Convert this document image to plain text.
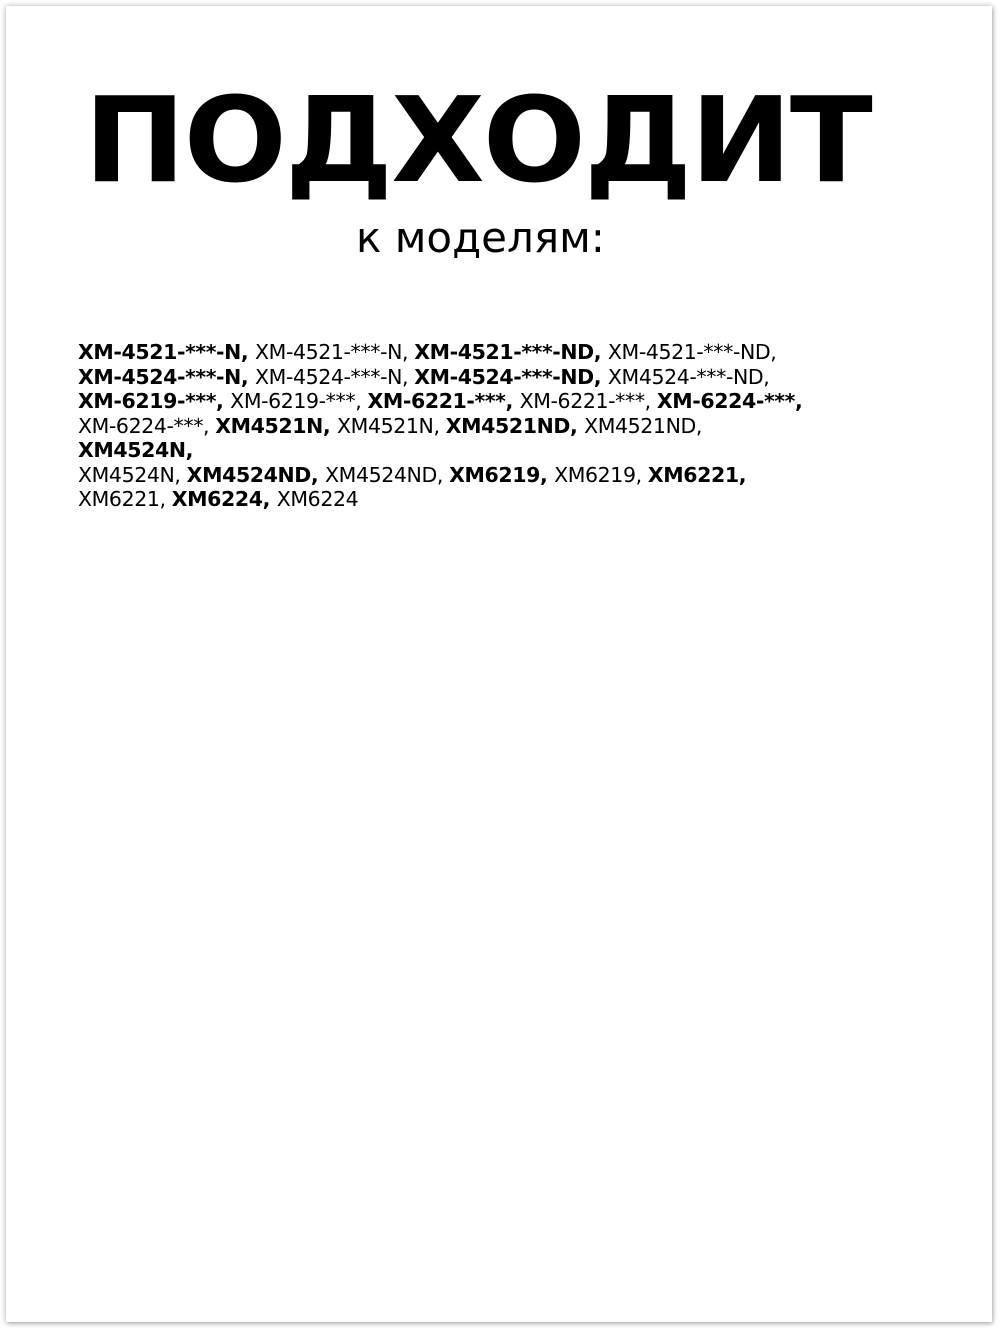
ПОДХОДИТ
к моделям:
XM-4521-***-N, XM-4521-***-N, XM-4521-***-ND, XM-4521-***-ND,
XM-4524-***-N, XM-4524-***-N, XM-4524-***-ND, XM4524-***-ND,
XM-6219-***, XM-6219-***, XM-6221-***, XM-6221-***, XM-6224-***,
XM-6224-***, XM4521N, XM4521N, XM4521ND, XM4521ND,
XM4524N,
XM4524N, XM4524ND, XM4524ND, XM6219, XM6219, XM6221,
XM6221, XM6224, XM6224
